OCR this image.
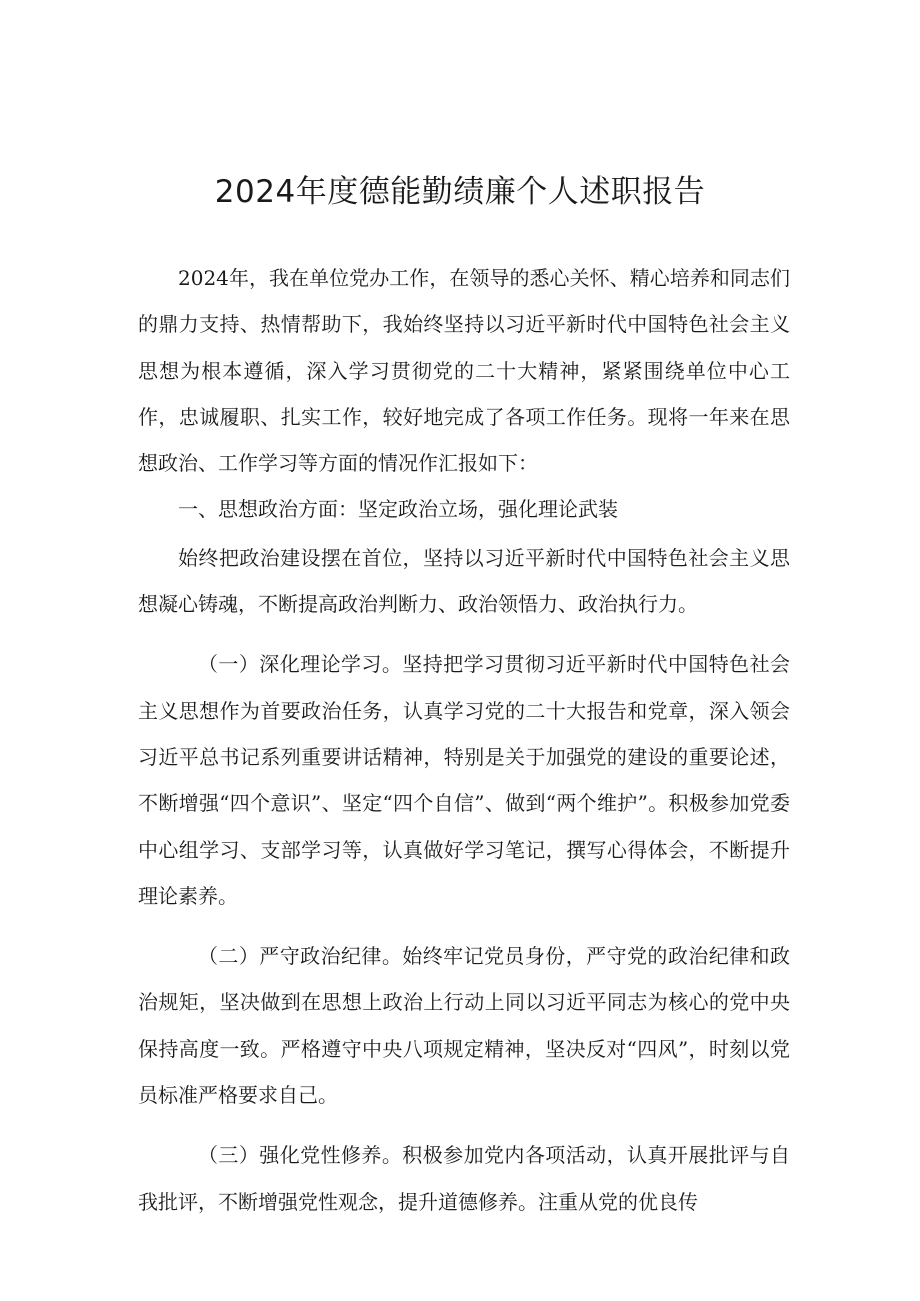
2024年度德能勤绩廉个人述职报告

2024年，我在单位党办工作，在领导的悉心关怀、精心培养和同志们的鼎力支持、热情帮助下，我始终坚持以习近平新时代中国特色社会主义思想为根本遵循，深入学习贯彻党的二十大精神，紧紧围绕单位中心工作，忠诚履职、扎实工作，较好地完成了各项工作任务。现将一年来在思想政治、工作学习等方面的情况作汇报如下：

一、思想政治方面：坚定政治立场，强化理论武装

始终把政治建设摆在首位，坚持以习近平新时代中国特色社会主义思想凝心铸魂，不断提高政治判断力、政治领悟力、政治执行力。

（一）深化理论学习。坚持把学习贯彻习近平新时代中国特色社会主义思想作为首要政治任务，认真学习党的二十大报告和党章，深入领会习近平总书记系列重要讲话精神，特别是关于加强党的建设的重要论述，不断增强“四个意识”、坚定“四个自信”、做到“两个维护”。积极参加党委中心组学习、支部学习等，认真做好学习笔记，撰写心得体会，不断提升理论素养。

（二）严守政治纪律。始终牢记党员身份，严守党的政治纪律和政治规矩，坚决做到在思想上政治上行动上同以习近平同志为核心的党中央保持高度一致。严格遵守中央八项规定精神，坚决反对“四风”，时刻以党员标准严格要求自己。

（三）强化党性修养。积极参加党内各项活动，认真开展批评与自我批评，不断增强党性观念，提升道德修养。注重从党的优良传
